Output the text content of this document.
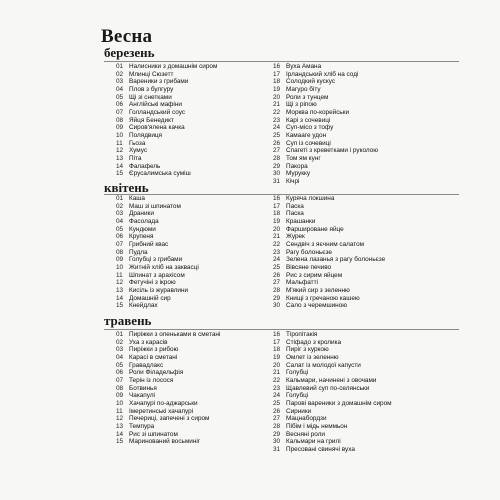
Весна
березень
01 Налисники з домашнім сиром
02 Млинці Сюзетт
03 Вареники з грибами
04 Плов з булгуру
05 Щі зі снетками
06 Англійські мафіни
07 Голландський соус
08 Яйця Бенедикт
09 Сиров'ялена качка
10 Полядвиця
11 Гьоза
12 Хумус
13 Піта
14 Фалафель
15 Єрусалимська суміш
16 Вуха Амана
17 Ірландський хліб на соді
18 Солодкий кускус
19 Магуро біту
20 Роли з тунцем
21 Щі з ріпою
22 Морква по-корейськи
23 Карі з сочевиці
24 Суп-місо з тофу
25 Камааге удон
26 Суп із сочевиці
27 Спагеті з креветками і руколою
28 Том ям кунг
29 Пакора
30 Мурукку
31 Кічрі
квітень
01 Каша
02 Маш зі шпинатом
03 Драники
04 Фасолада
05 Кундюми
06 Крупеня
07 Грибний квас
08 Пудла
09 Голубці з грибами
10 Житній хліб на заквасці
11 Шпинат з арахісом
12 Фетучіні з ікрою
13 Кисіль із журавлини
14 Домашній сир
15 Кнейдлах
16 Куряча локшина
17 Паска
18 Паска
19 Крашанки
20 Фаршироване яйце
21 Журек
22 Сендвіч з яєчним салатом
23 Рагу болоньєзе
24 Зелена лазанья з рагу болоньєзе
25 Вівсяне печиво
26 Рис з сирим яйцем
27 Мальфатті
28 М'який сир з зеленню
29 Книщі з гречаною кашею
30 Сало з черемшиною
травень
01 Пиріжки з опеньками в сметані
02 Уха з карасів
03 Пиріжки з рибою
04 Карасі в сметані
05 Гравадлакс
06 Роли Філадельфія
07 Терін із лосося
08 Ботвинья
09 Чакапулі
10 Хачапурі по-аджарськи
11 Імеретинські хачапурі
12 Печериці, запечені з сиром
13 Темпура
14 Рис зі шпинатом
15 Маринований восьминіг
16 Тіропітакія
17 Стіфадо з кролика
18 Пиріг з куркою
19 Омлет із зеленню
20 Салат із молодої капусти
21 Голубці
22 Кальмари, начинені з овочами
23 Щавлевий суп по-селянськи
24 Голубці
25 Парові вареники з домашнім сиром
26 Сирники
27 Мацнабордзи
28 Пібім і мідь неммьон
29 Весняні роли
30 Кальмари на грилі
31 Пресовані свинячі вуха
